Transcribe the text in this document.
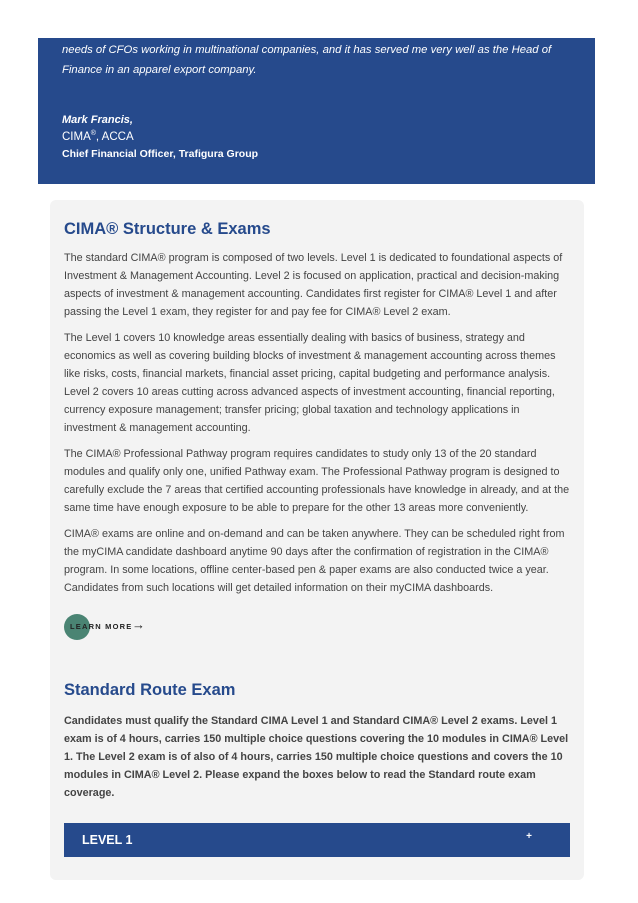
needs of CFOs working in multinational companies, and it has served me very well as the Head of Finance in an apparel export company.

Mark Francis,

CIMA®, ACCA

Chief Financial Officer, Trafigura Group

CIMA® Structure & Exams

The standard CIMA® program is composed of two levels. Level 1 is dedicated to foundational aspects of Investment & Management Accounting. Level 2 is focused on application, practical and decision-making aspects of investment & management accounting. Candidates first register for CIMA® Level 1 and after passing the Level 1 exam, they register for and pay fee for CIMA® Level 2 exam.

The Level 1 covers 10 knowledge areas essentially dealing with basics of business, strategy and economics as well as covering building blocks of investment & management accounting across themes like risks, costs, financial markets, financial asset pricing, capital budgeting and performance analysis. Level 2 covers 10 areas cutting across advanced aspects of investment accounting, financial reporting, currency exposure management; transfer pricing; global taxation and technology applications in investment & management accounting.

The CIMA® Professional Pathway program requires candidates to study only 13 of the 20 standard modules and qualify only one, unified Pathway exam. The Professional Pathway program is designed to carefully exclude the 7 areas that certified accounting professionals have knowledge in already, and at the same time have enough exposure to be able to prepare for the other 13 areas more conveniently.

CIMA® exams are online and on-demand and can be taken anywhere. They can be scheduled right from the myCIMA candidate dashboard anytime 90 days after the confirmation of registration in the CIMA® program. In some locations, offline center-based pen & paper exams are also conducted twice a year. Candidates from such locations will get detailed information on their myCIMA dashboards.

LEARN MORE →
Standard Route Exam

Candidates must qualify the Standard CIMA Level 1 and Standard CIMA® Level 2 exams. Level 1 exam is of 4 hours, carries 150 multiple choice questions covering the 10 modules in CIMA® Level 1. The Level 2 exam is of also of 4 hours, carries 150 multiple choice questions and covers the 10 modules in CIMA® Level 2. Please expand the boxes below to read the Standard route exam coverage.

LEVEL 1	+
